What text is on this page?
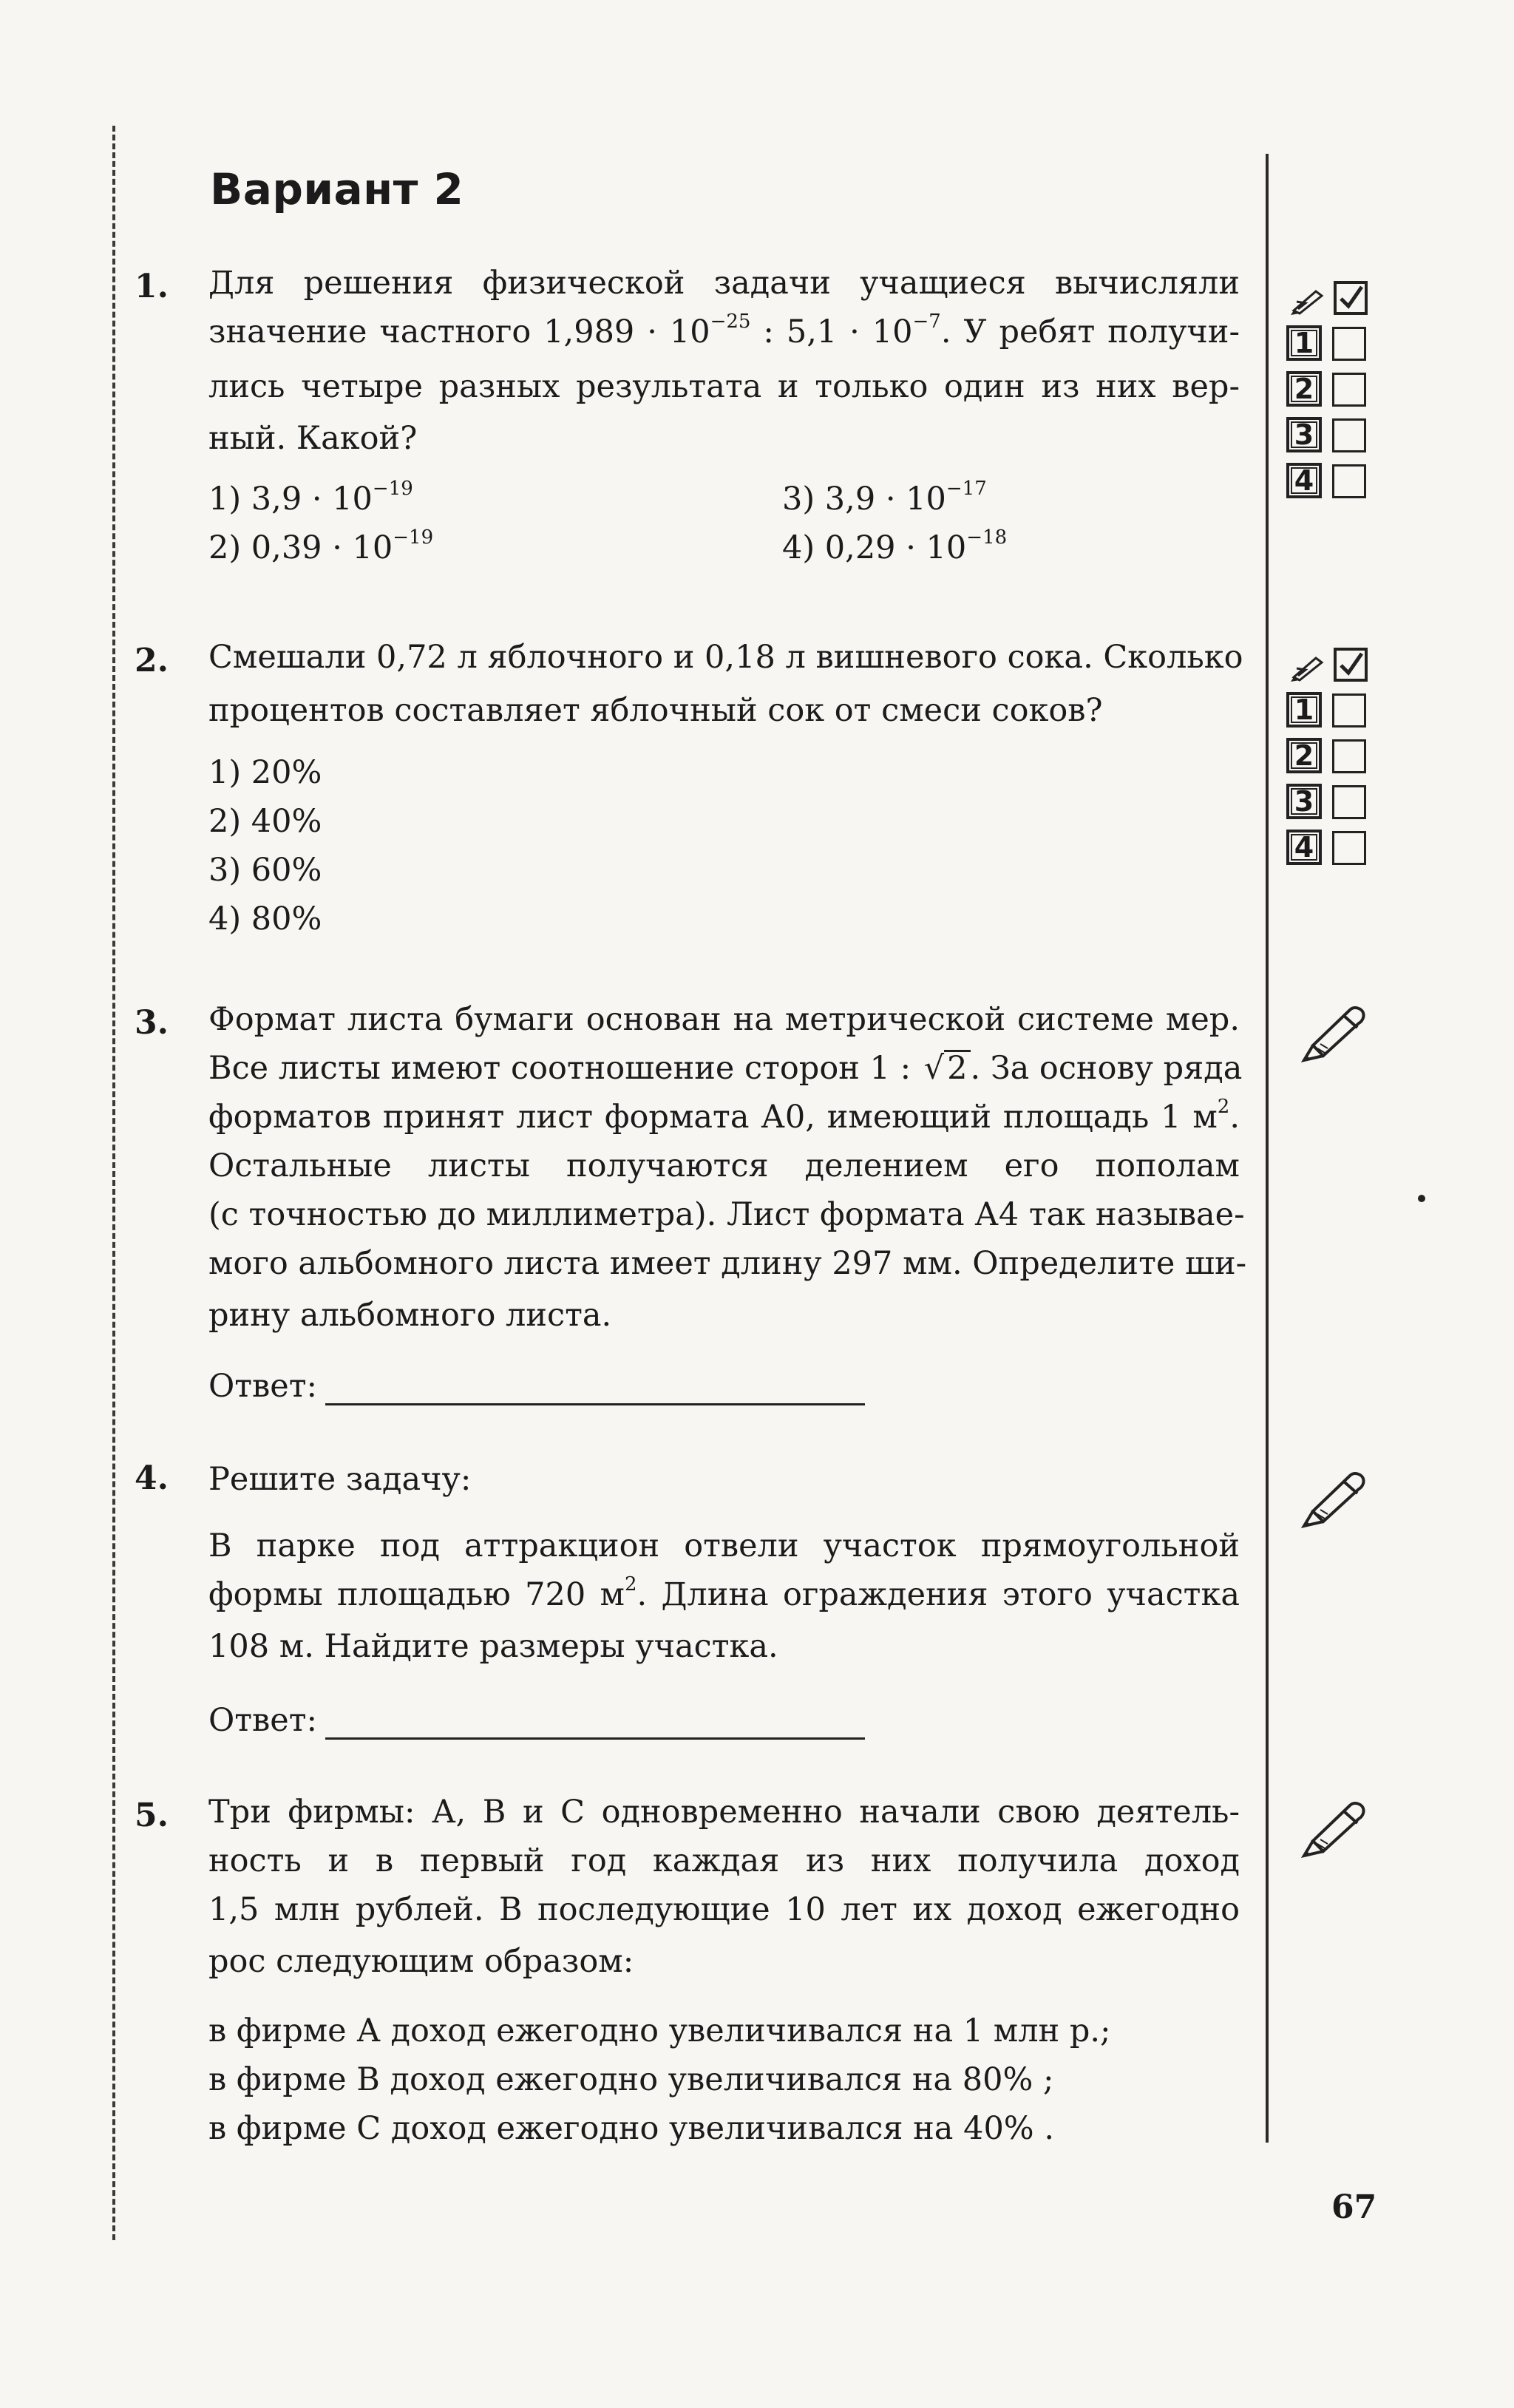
Вариант 2
1. Для решения физической задачи учащиеся вычисляли
значение частного $1,989 \cdot 10^{-25}$ : $5,1 \cdot 10^{-7}$. У ребят получи-
лись четыре разных результата и только один из них вер-
ный. Какой?
1) $3,9 \cdot 10^{-19}$
2) $0,39 \cdot 10^{-19}$
3) $3,9 \cdot 10^{-17}$
4) $0,29 \cdot 10^{-18}$
1
2
3
4
2. Смешали 0,72 л яблочного и 0,18 л вишневого сока. Сколько
процентов составляет яблочный сок от смеси соков?
1) 20%
2) 40%
3) 60%
4) 80%
1
2
3
4
3. Формат листа бумаги основан на метрической системе мер.
Все листы имеют соотношение сторон 1 : √2. За основу ряда
форматов принят лист формата А0, имеющий площадь 1 $м^2$.
Остальные листы получаются делением его пополам
(с точностью до миллиметра). Лист формата А4 так называе-
мого альбомного листа имеет длину 297 мм. Определите ши-
рину альбомного листа.
Ответ:
4. Решите задачу:
В парке под аттракцион отвели участок прямоугольной
формы площадью 720 $м^2$. Длина ограждения этого участка
108 м. Найдите размеры участка.
Ответ:
5. Три фирмы: А, В и С одновременно начали свою деятель-
ность и в первый год каждая из них получила доход
1,5 млн рублей. В последующие 10 лет их доход ежегодно
рос следующим образом:
в фирме А доход ежегодно увеличивался на 1 млн р.;
в фирме В доход ежегодно увеличивался на 80% ;
в фирме С доход ежегодно увеличивался на 40% .
67
